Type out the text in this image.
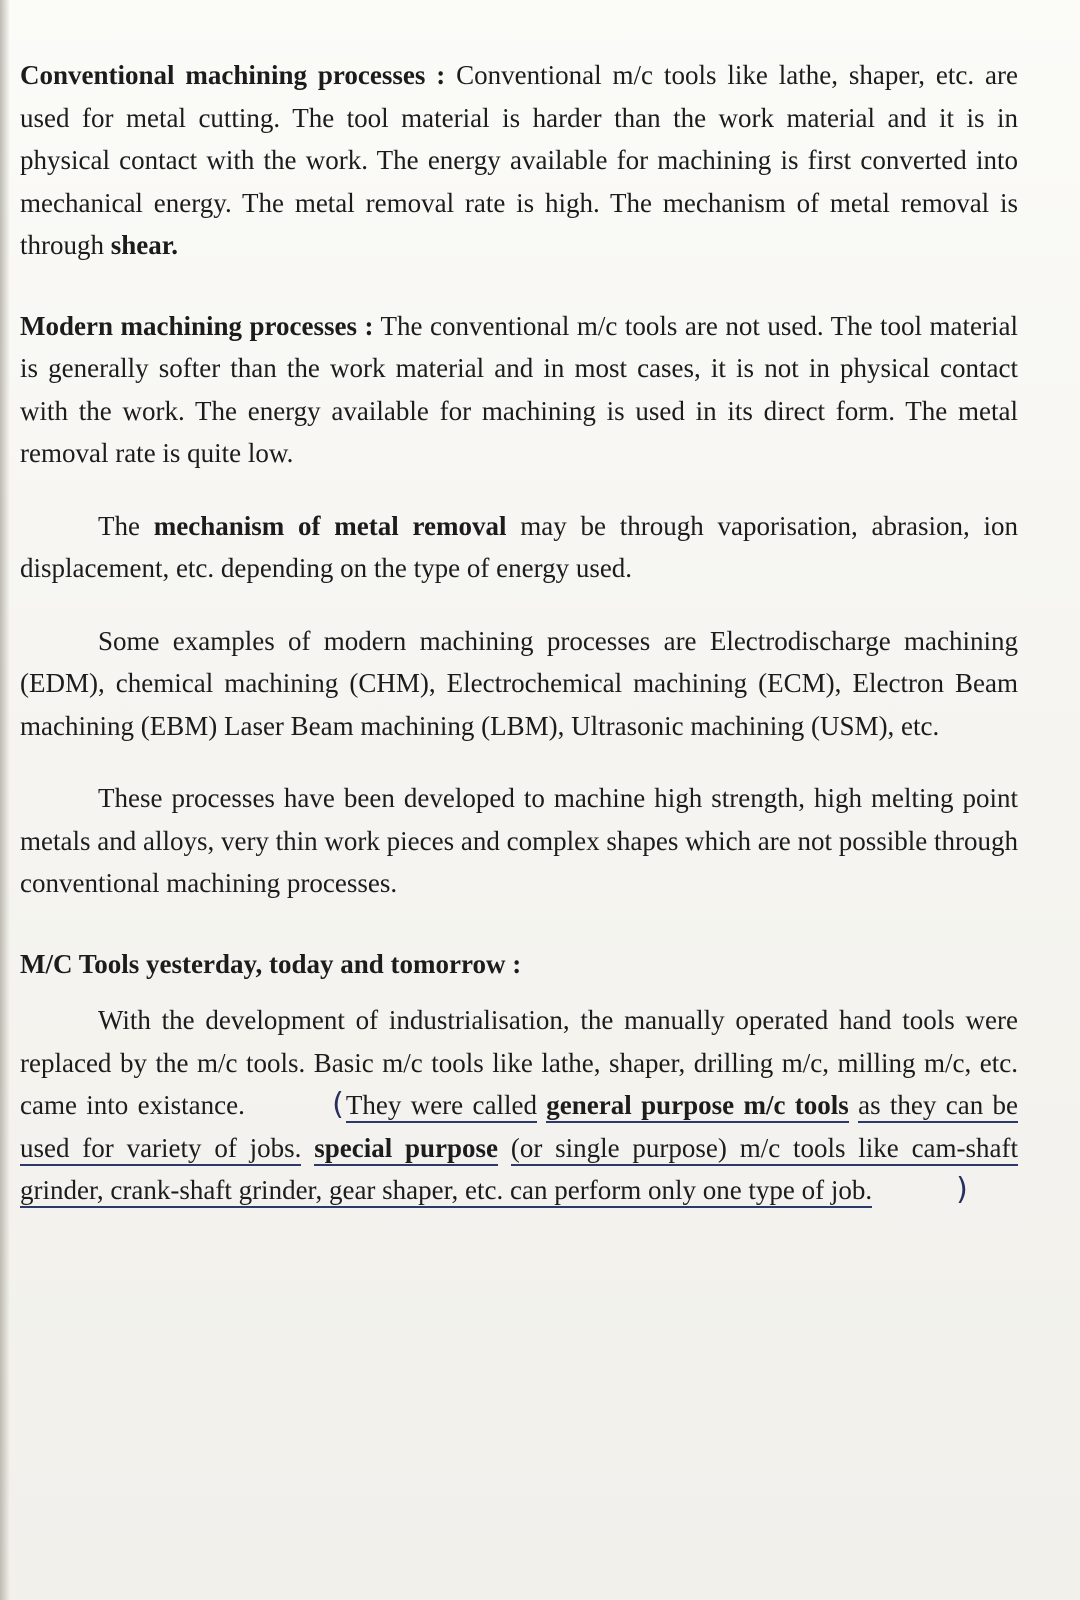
Conventional machining processes : Conventional m/c tools like lathe, shaper, etc. are used for metal cutting. The tool material is harder than the work material and it is in physical contact with the work. The energy available for machining is first converted into mechanical energy. The metal removal rate is high. The mechanism of metal removal is through shear.

Modern machining processes : The conventional m/c tools are not used. The tool material is generally softer than the work material and in most cases, it is not in physical contact with the work. The energy available for machining is used in its direct form. The metal removal rate is quite low.

The mechanism of metal removal may be through vaporisation, abrasion, ion displacement, etc. depending on the type of energy used.

Some examples of modern machining processes are Electrodischarge machining (EDM), chemical machining (CHM), Electrochemical machining (ECM), Electron Beam machining (EBM) Laser Beam machining (LBM), Ultrasonic machining (USM), etc.

These processes have been developed to machine high strength, high melting point metals and alloys, very thin work pieces and complex shapes which are not possible through conventional machining processes.

M/C Tools yesterday, today and tomorrow :

With the development of industrialisation, the manually operated hand tools were replaced by the m/c tools. Basic m/c tools like lathe, shaper, drilling m/c, milling m/c, etc. came into existance.	(They were called general purpose m/c tools as they can be used for variety of jobs. special purpose (or single purpose) m/c tools like cam-shaft grinder, crank-shaft grinder, gear shaper, etc. can perform only one type of job.	)
